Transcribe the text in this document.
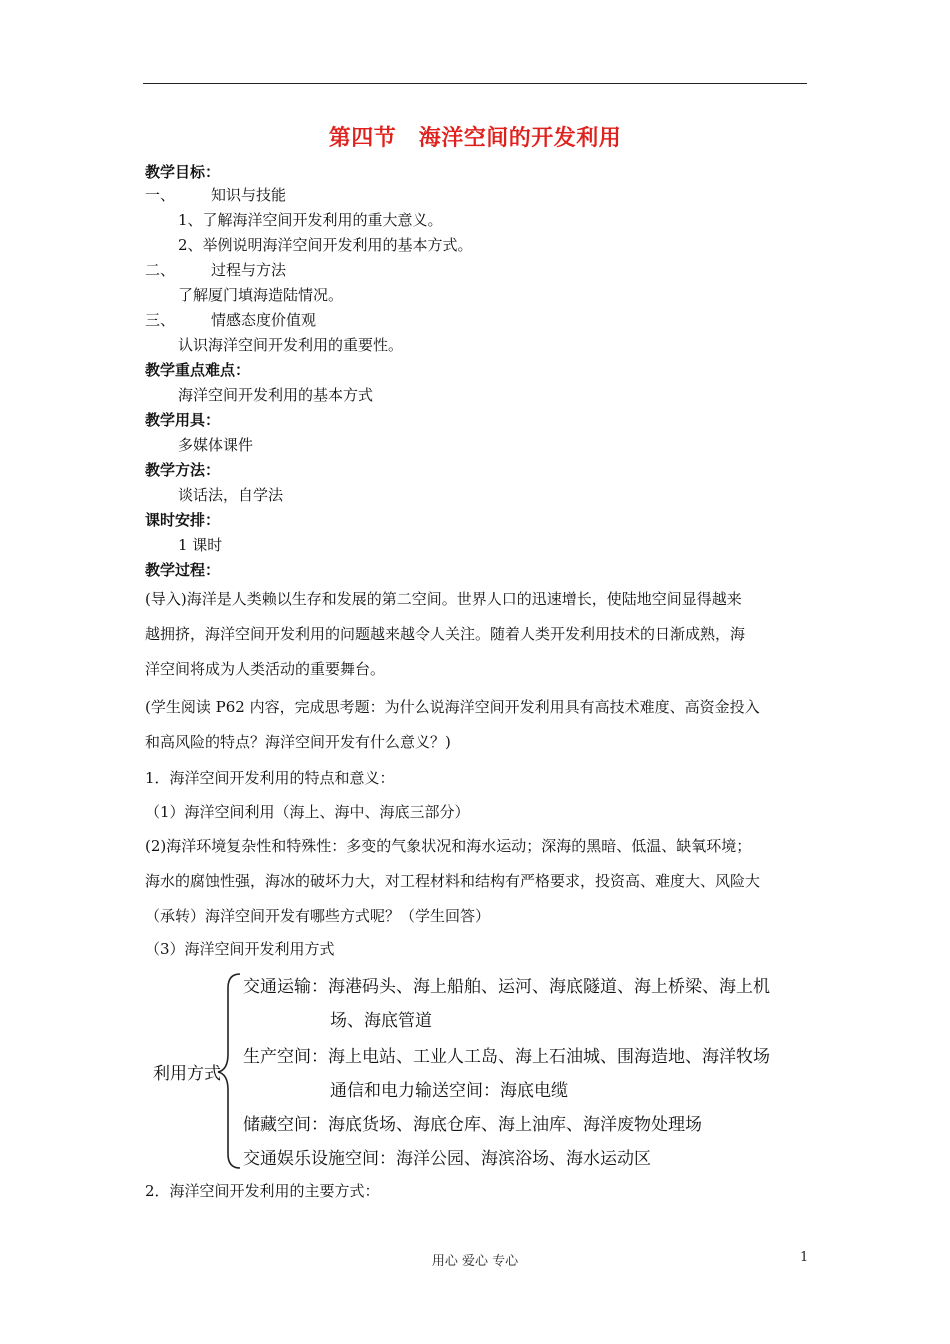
第四节　海洋空间的开发利用
教学目标：
一、 知识与技能
1、了解海洋空间开发利用的重大意义。
2、举例说明海洋空间开发利用的基本方式。
二、 过程与方法
了解厦门填海造陆情况。
三、 情感态度价值观
认识海洋空间开发利用的重要性。
教学重点难点：
海洋空间开发利用的基本方式
教学用具：
多媒体课件
教学方法：
谈话法，自学法
课时安排：
1 课时
教学过程：
(导入)海洋是人类赖以生存和发展的第二空间。世界人口的迅速增长，使陆地空间显得越来
越拥挤，海洋空间开发利用的问题越来越令人关注。随着人类开发利用技术的日渐成熟，海
洋空间将成为人类活动的重要舞台。
(学生阅读 P62 内容，完成思考题：为什么说海洋空间开发利用具有高技术难度、高资金投入
和高风险的特点？海洋空间开发有什么意义？)
1．海洋空间开发利用的特点和意义：
（1）海洋空间利用（海上、海中、海底三部分）
(2)海洋环境复杂性和特殊性：多变的气象状况和海水运动；深海的黑暗、低温、缺氧环境；
海水的腐蚀性强，海冰的破坏力大，对工程材料和结构有严格要求，投资高、难度大、风险大
（承转）海洋空间开发有哪些方式呢？（学生回答）
（3）海洋空间开发利用方式
利用方式
交通运输：海港码头、海上船舶、运河、海底隧道、海上桥梁、海上机
场、海底管道
生产空间：海上电站、工业人工岛、海上石油城、围海造地、海洋牧场
通信和电力输送空间：海底电缆
储藏空间：海底货场、海底仓库、海上油库、海洋废物处理场
交通娱乐设施空间：海洋公园、海滨浴场、海水运动区
2．海洋空间开发利用的主要方式：
用心 爱心 专心	1
